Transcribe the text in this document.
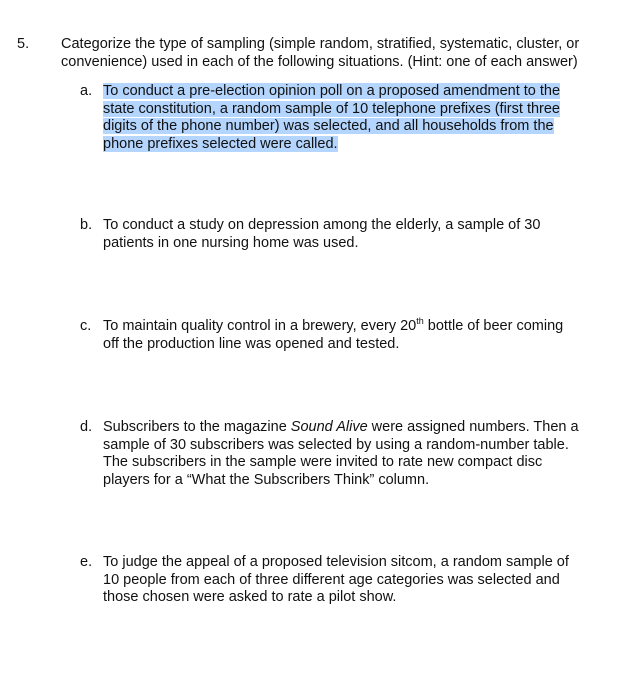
5. Categorize the type of sampling (simple random, stratified, systematic, cluster, or convenience) used in each of the following situations. (Hint: one of each answer)
a. To conduct a pre-election opinion poll on a proposed amendment to the state constitution, a random sample of 10 telephone prefixes (first three digits of the phone number) was selected, and all households from the phone prefixes selected were called.
b. To conduct a study on depression among the elderly, a sample of 30 patients in one nursing home was used.
c. To maintain quality control in a brewery, every 20th bottle of beer coming off the production line was opened and tested.
d. Subscribers to the magazine Sound Alive were assigned numbers. Then a sample of 30 subscribers was selected by using a random-number table. The subscribers in the sample were invited to rate new compact disc players for a “What the Subscribers Think” column.
e. To judge the appeal of a proposed television sitcom, a random sample of 10 people from each of three different age categories was selected and those chosen were asked to rate a pilot show.
